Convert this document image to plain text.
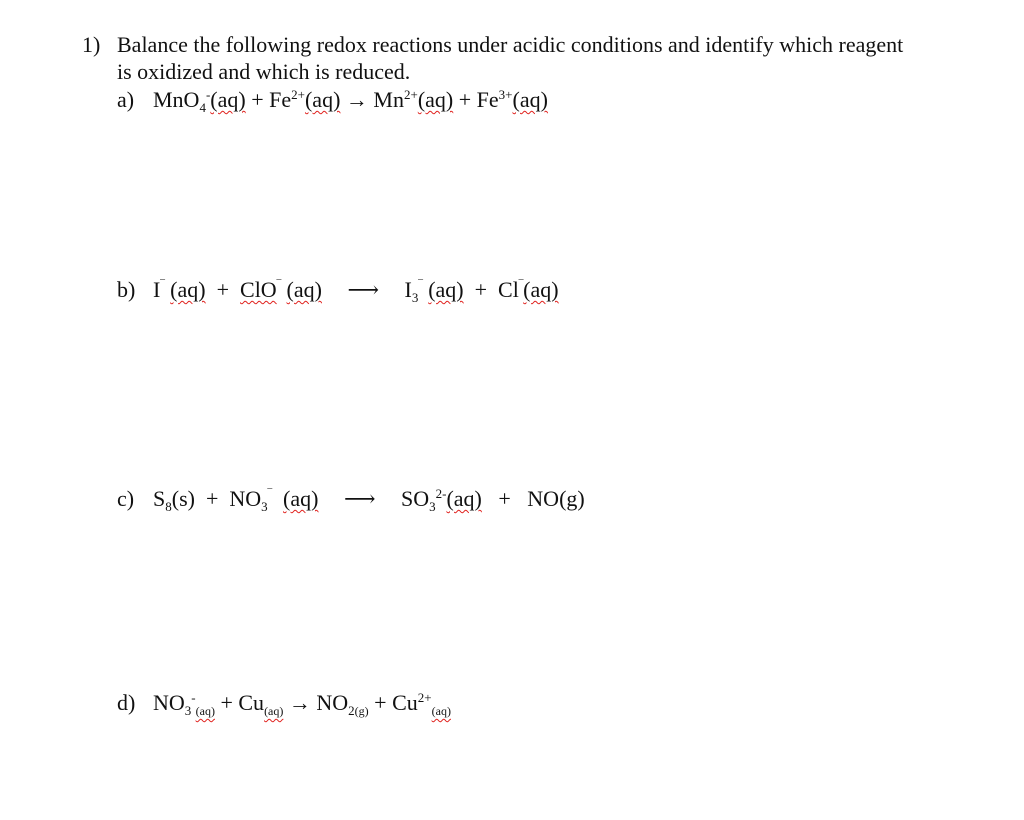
1) Balance the following redox reactions under acidic conditions and identify which reagent
is oxidized and which is reduced.
a) $MnO_4^-(aq) + Fe^{2+}(aq) \to Mn^{2+}(aq) + Fe^{3+}(aq)$
b) I‾ (aq) + ClO‾ (aq) ⟶ $I_3^‾$ (aq) + Cl‾(aq)
c) $S_8(s) + NO_3^‾$ (aq) ⟶ $SO_3^{2-}(aq) + NO(g)$
d) $NO_3^-_{(aq)} + Cu_{(aq)} \to NO_{2(g)} + Cu^{2+}_{(aq)}$
